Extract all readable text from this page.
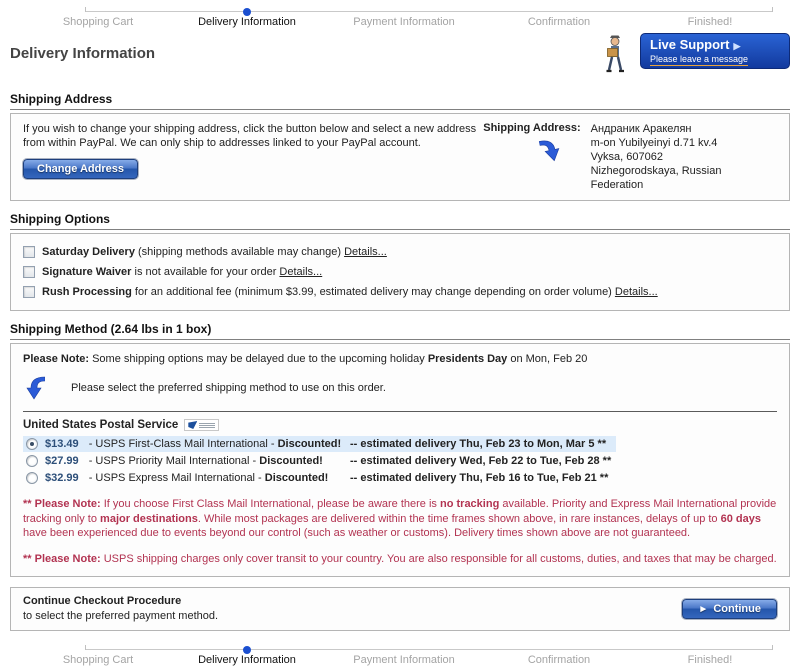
Shopping Cart	Delivery Information	Payment Information	Confirmation	Finished!
Delivery Information
Live Support ▶
Please leave a message
Shipping Address
If you wish to change your shipping address, click the button below and select a new address from within PayPal. We can only ship to addresses linked to your PayPal account.
Change Address
Shipping Address: Андраник Аракелян
m-on Yubilyeinyi d.71 kv.4
Vyksa, 607062
Nizhegorodskaya, Russian Federation
Shipping Options
Saturday Delivery (shipping methods available may change) Details...
Signature Waiver is not available for your order Details...
Rush Processing for an additional fee (minimum $3.99, estimated delivery may change depending on order volume) Details...
Shipping Method (2.64 lbs in 1 box)
Please Note: Some shipping options may be delayed due to the upcoming holiday Presidents Day on Mon, Feb 20
Please select the preferred shipping method to use on this order.
United States Postal Service
$13.49 - USPS First-Class Mail International - Discounted! -- estimated delivery Thu, Feb 23 to Mon, Mar 5 **
$27.99 - USPS Priority Mail International - Discounted!	-- estimated delivery Wed, Feb 22 to Tue, Feb 28 **
$32.99 - USPS Express Mail International - Discounted!	-- estimated delivery Thu, Feb 16 to Tue, Feb 21 **
** Please Note: If you choose First Class Mail International, please be aware there is no tracking available. Priority and Express Mail International provide tracking only to major destinations. While most packages are delivered within the time frames shown above, in rare instances, delays of up to 60 days have been experienced due to events beyond our control (such as weather or customs). Delivery times shown above are not guaranteed.
** Please Note: USPS shipping charges only cover transit to your country. You are also responsible for all customs, duties, and taxes that may be charged.
Continue Checkout Procedure
to select the preferred payment method.
► Continue
Shopping Cart	Delivery Information	Payment Information	Confirmation	Finished!
